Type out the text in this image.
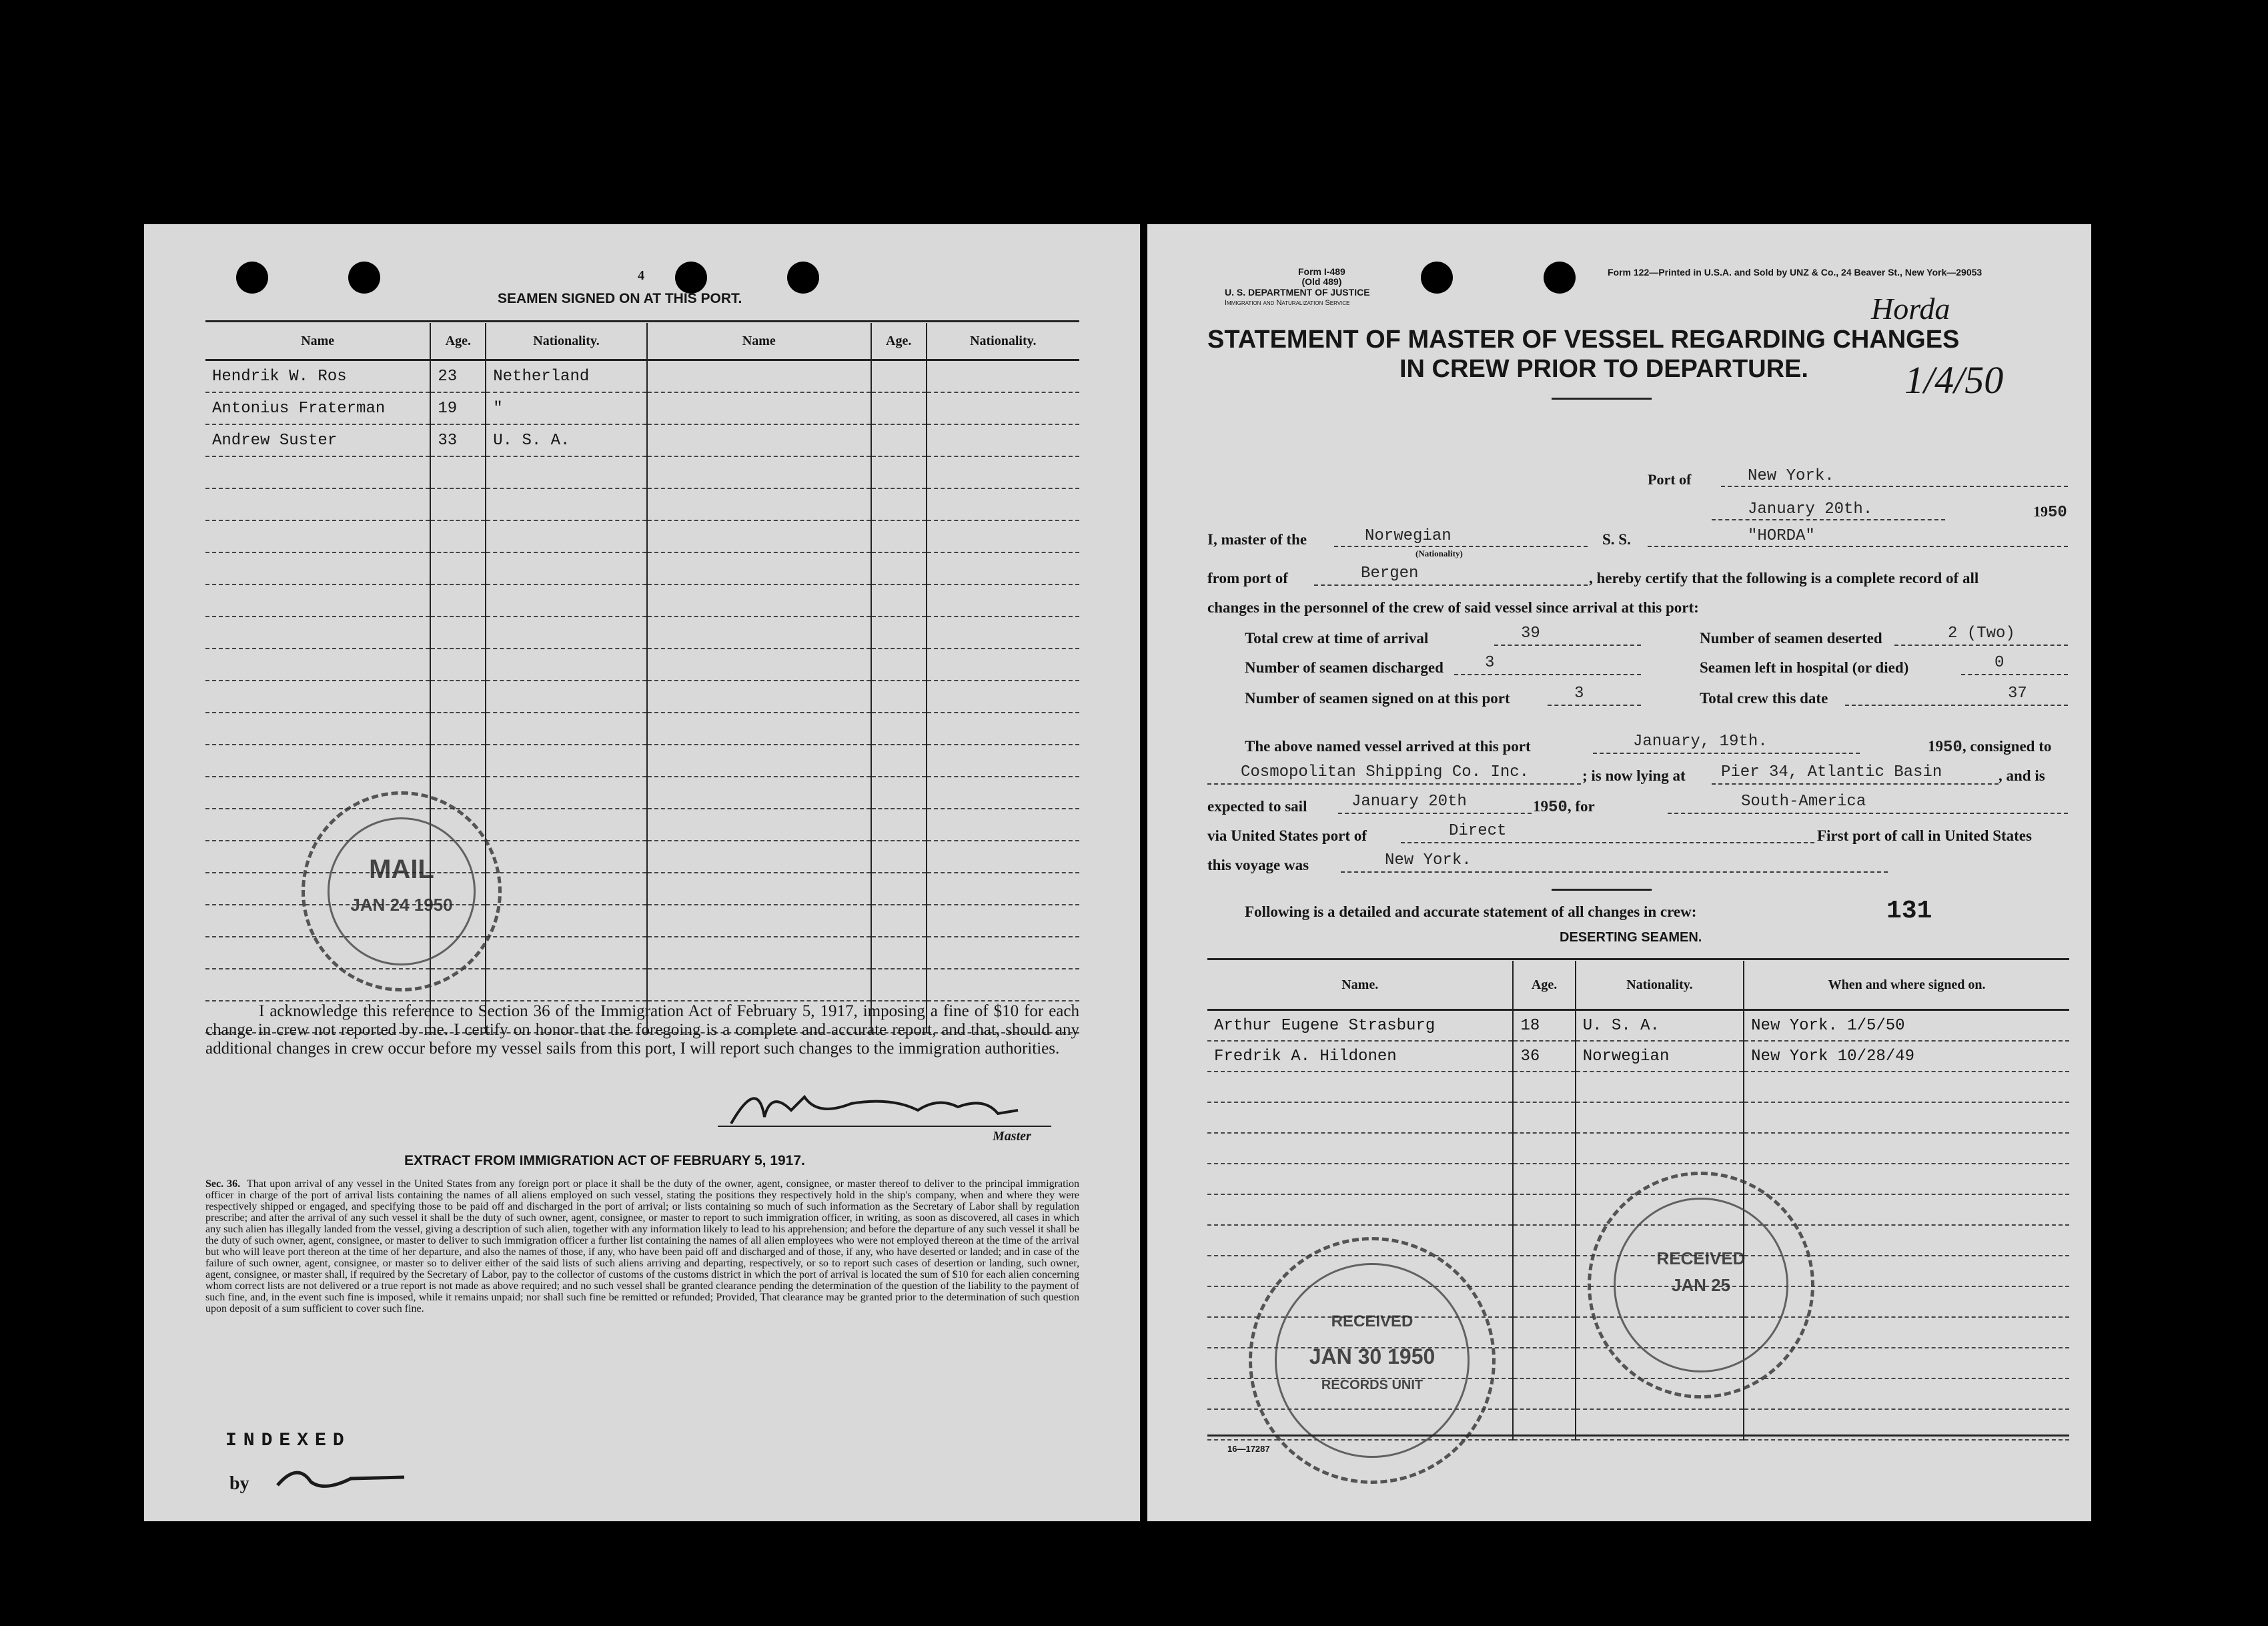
4
SEAMEN SIGNED ON AT THIS PORT.
Name	Age.	Nationality.	Name	Age.	Nationality.
Hendrik W. Ros	23	Netherland			
Antonius Fraterman	19	"			
Andrew Suster	33	U. S. A.			

MAIL
JAN 24 1950
I acknowledge this reference to Section 36 of the Immigration Act of February 5, 1917, imposing a fine of $10 for each change in crew not reported by me. I certify on honor that the foregoing is a complete and accurate report, and that, should any additional changes in crew occur before my vessel sails from this port, I will report such changes to the immigration authorities.
Master
EXTRACT FROM IMMIGRATION ACT OF FEBRUARY 5, 1917.
Sec. 36. That upon arrival of any vessel in the United States from any foreign port or place it shall be the duty of the owner, agent, consignee, or master thereof to deliver to the principal immigration officer in charge of the port of arrival lists containing the names of all aliens employed on such vessel, stating the positions they respectively hold in the ship's company, when and where they were respectively shipped or engaged, and specifying those to be paid off and discharged in the port of arrival; or lists containing so much of such information as the Secretary of Labor shall by regulation prescribe; and after the arrival of any such vessel it shall be the duty of such owner, agent, consignee, or master to report to such immigration officer, in writing, as soon as discovered, all cases in which any such alien has illegally landed from the vessel, giving a description of such alien, together with any information likely to lead to his apprehension; and before the departure of any such vessel it shall be the duty of such owner, agent, consignee, or master to deliver to such immigration officer a further list containing the names of all alien employees who were not employed thereon at the time of the arrival but who will leave port thereon at the time of her departure, and also the names of those, if any, who have been paid off and discharged and of those, if any, who have deserted or landed; and in case of the failure of such owner, agent, consignee, or master so to deliver either of the said lists of such aliens arriving and departing, respectively, or so to report such cases of desertion or landing, such owner, agent, consignee, or master shall, if required by the Secretary of Labor, pay to the collector of customs of the customs district in which the port of arrival is located the sum of $10 for each alien concerning whom correct lists are not delivered or a true report is not made as above required; and no such vessel shall be granted clearance pending the determination of the question of the liability to the payment of such fine, and, in the event such fine is imposed, while it remains unpaid; nor shall such fine be remitted or refunded; Provided, That clearance may be granted prior to the determination of such question upon deposit of a sum sufficient to cover such fine.
INDEXED
by
Form I-489
(Old 489)
U. S. DEPARTMENT OF JUSTICE
Immigration and Naturalization Service
Form 122—Printed in U.S.A. and Sold by UNZ & Co., 24 Beaver St., New York—29053
Horda
STATEMENT OF MASTER OF VESSEL REGARDING CHANGES
IN CREW PRIOR TO DEPARTURE. 1/4/50
Port of	New York.
January 20th.	1950
I, master of the	Norwegian
(Nationality)
S. S.	"HORDA"
from port of	Bergen	, hereby certify that the following is a complete record of all
changes in the personnel of the crew of said vessel since arrival at this port:
Total crew at time of arrival	39	Number of seamen deserted	2 (Two)
Number of seamen discharged	3	Seamen left in hospital (or died)	0
Number of seamen signed on at this port	3	Total crew this date	37
The above named vessel arrived at this port	January, 19th.	1950, consigned to
Cosmopolitan Shipping Co. Inc.	; is now lying at Pier 34, Atlantic Basin	, and is
expected to sail	January 20th	1950, for	South-America
via United States port of	Direct	First port of call in United States
this voyage was	New York.
Following is a detailed and accurate statement of all changes in crew:	131
DESERTING SEAMEN.
Name.	Age.	Nationality.	When and where signed on.
Arthur Eugene Strasburg	18	U. S. A.	New York. 1/5/50
Fredrik A. Hildonen	36	Norwegian	New York 10/28/49

RECEIVED
JAN 25
RECEIVED
JAN 30 1950
RECORDS UNIT
16—17287
